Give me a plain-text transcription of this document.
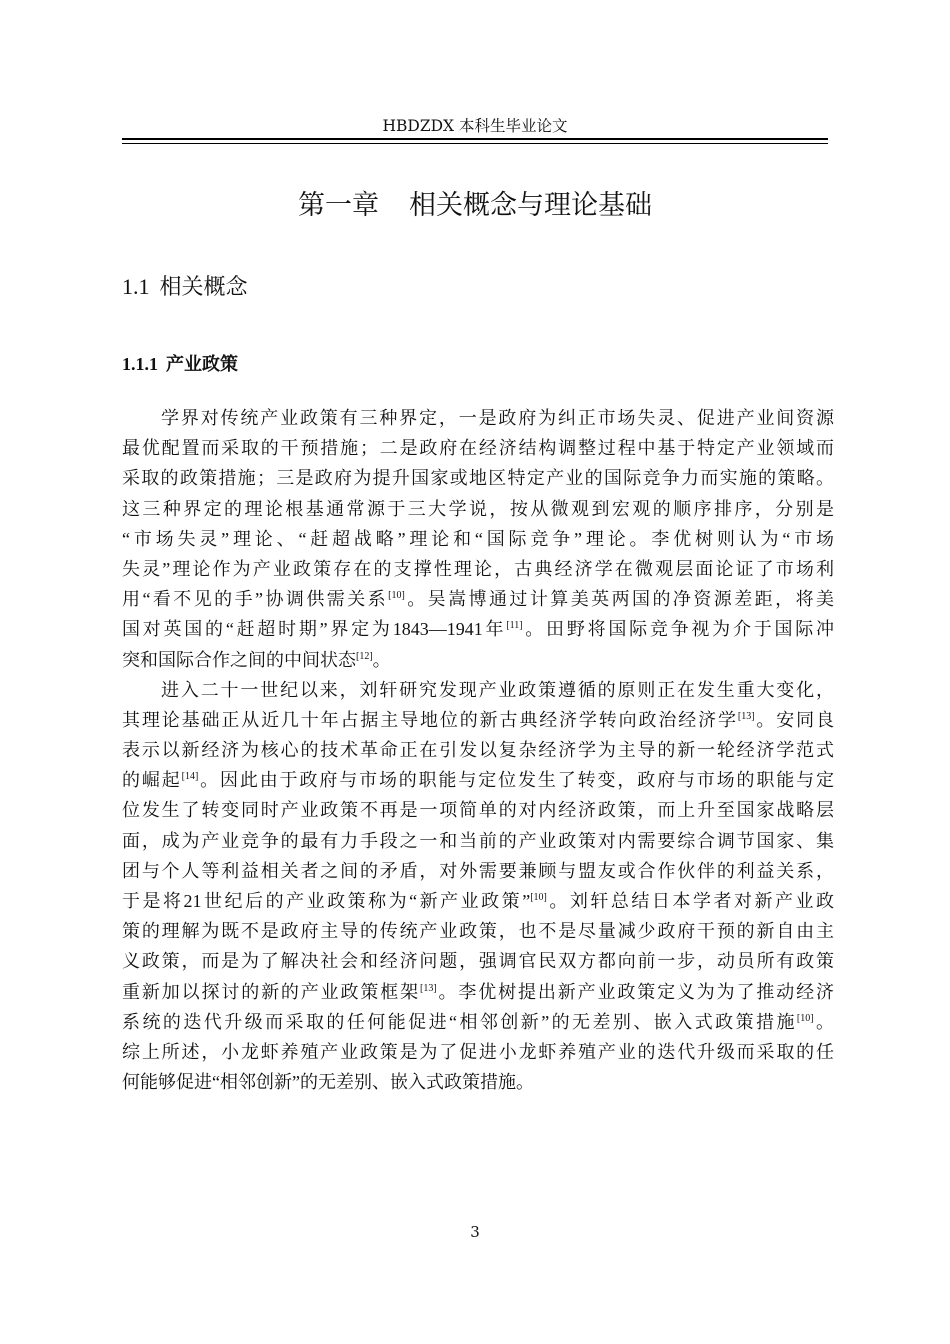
HBDZDX 本科生毕业论文
第一章 相关概念与理论基础
1.1 相关概念
1.1.1 产业政策
学界对传统产业政策有三种界定，一是政府为纠正市场失灵、促进产业间资源
最优配置而采取的干预措施；二是政府在经济结构调整过程中基于特定产业领域而
采取的政策措施；三是政府为提升国家或地区特定产业的国际竞争力而实施的策略。
这三种界定的理论根基通常源于三大学说，按从微观到宏观的顺序排序，分别是
“市场失灵”理论、“赶超战略”理论和“国际竞争”理论。李优树则认为“市场
失灵”理论作为产业政策存在的支撑性理论，古典经济学在微观层面论证了市场利
用“看不见的手”协调供需关系[10]。吴嵩博通过计算美英两国的净资源差距，将美
国对英国的“赶超时期”界定为1843—1941年[11]。田野将国际竞争视为介于国际冲
突和国际合作之间的中间状态[12]。
进入二十一世纪以来，刘轩研究发现产业政策遵循的原则正在发生重大变化，
其理论基础正从近几十年占据主导地位的新古典经济学转向政治经济学[13]。安同良
表示以新经济为核心的技术革命正在引发以复杂经济学为主导的新一轮经济学范式
的崛起[14]。因此由于政府与市场的职能与定位发生了转变，政府与市场的职能与定
位发生了转变同时产业政策不再是一项简单的对内经济政策，而上升至国家战略层
面，成为产业竞争的最有力手段之一和当前的产业政策对内需要综合调节国家、集
团与个人等利益相关者之间的矛盾，对外需要兼顾与盟友或合作伙伴的利益关系，
于是将21世纪后的产业政策称为“新产业政策”[10]。刘轩总结日本学者对新产业政
策的理解为既不是政府主导的传统产业政策，也不是尽量减少政府干预的新自由主
义政策，而是为了解决社会和经济问题，强调官民双方都向前一步，动员所有政策
重新加以探讨的新的产业政策框架[13]。李优树提出新产业政策定义为为了推动经济
系统的迭代升级而采取的任何能促进“相邻创新”的无差别、嵌入式政策措施[10]。
综上所述，小龙虾养殖产业政策是为了促进小龙虾养殖产业的迭代升级而采取的任
何能够促进“相邻创新”的无差别、嵌入式政策措施。
3
